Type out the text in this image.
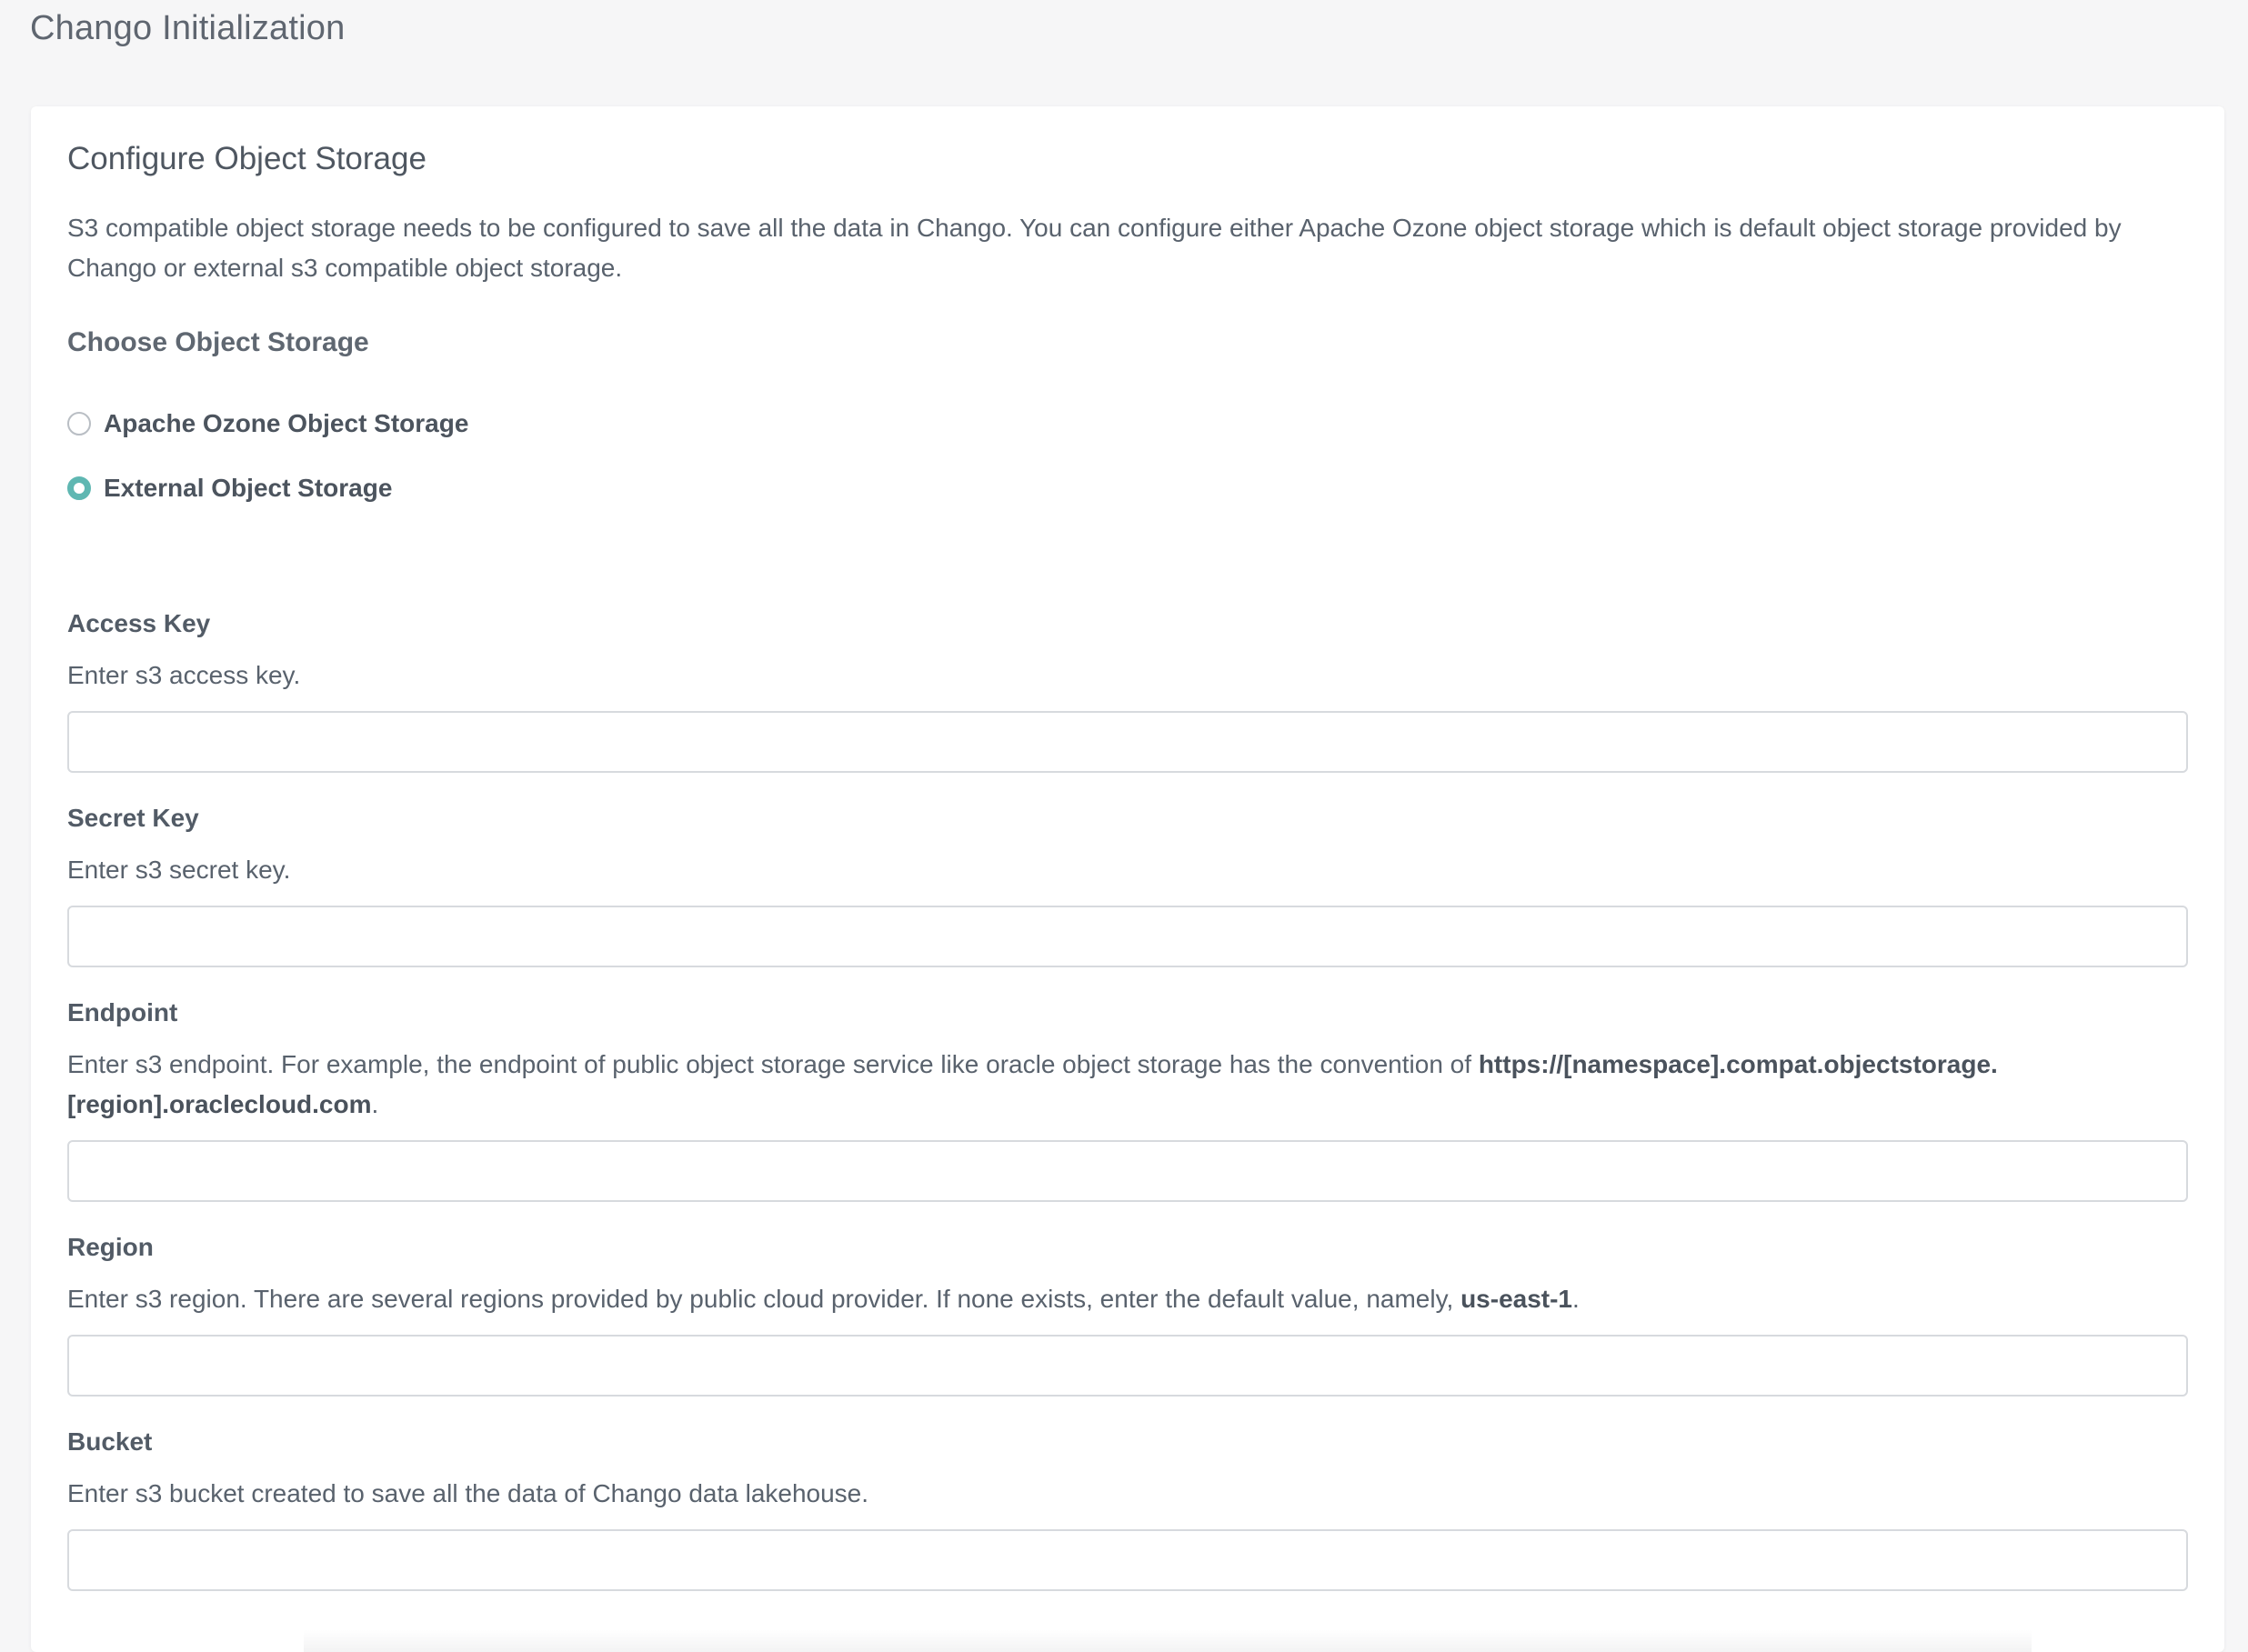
Chango Initialization
Configure Object Storage
S3 compatible object storage needs to be configured to save all the data in Chango. You can configure either Apache Ozone object storage which is default object storage provided by Chango or external s3 compatible object storage.
Choose Object Storage
Apache Ozone Object Storage
External Object Storage
Access Key
Enter s3 access key.
Secret Key
Enter s3 secret key.
Endpoint
Enter s3 endpoint. For example, the endpoint of public object storage service like oracle object storage has the convention of https://[namespace].compat.objectstorage.[region].oraclecloud.com.
Region
Enter s3 region. There are several regions provided by public cloud provider. If none exists, enter the default value, namely, us-east-1.
Bucket
Enter s3 bucket created to save all the data of Chango data lakehouse.
